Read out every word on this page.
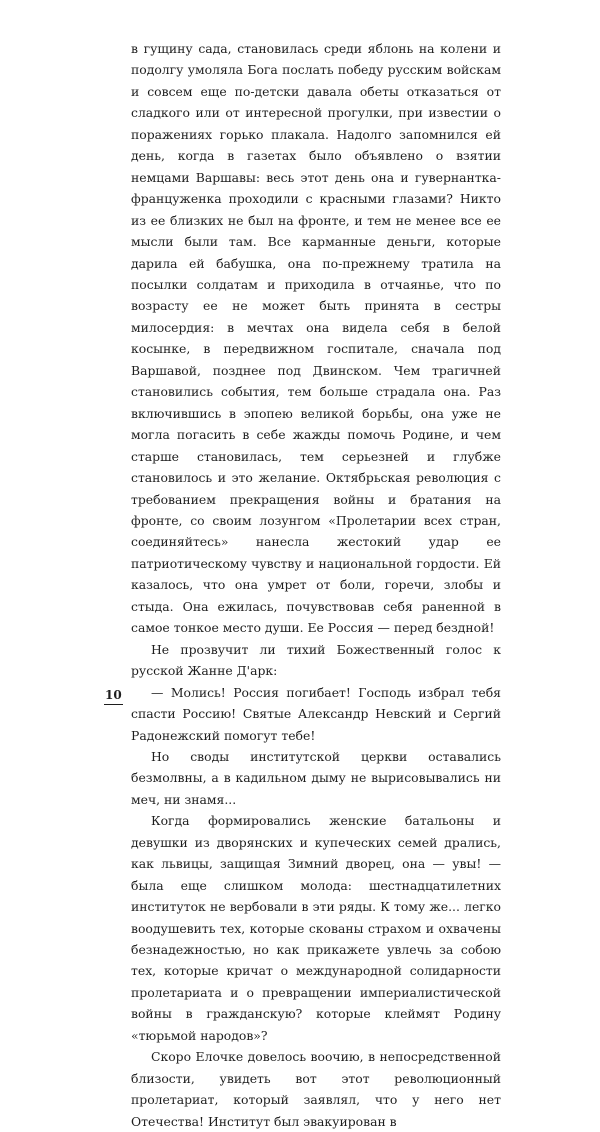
в гущину сада, становилась среди яблонь на колени и подолгу умоляла Бога послать победу русским войскам и совсем еще по-детски давала обеты отказаться от сладкого или от интересной прогулки, при известии о поражениях горько плакала. Надолго запомнился ей день, когда в газетах было объявлено о взятии немцами Варшавы: весь этот день она и гувернантка-француженка проходили с красными глазами? Никто из ее близких не был на фронте, и тем не менее все ее мысли были там. Все карманные деньги, которые дарила ей бабушка, она по-прежнему тратила на посылки солдатам и приходила в отчаянье, что по возрасту ее не может быть принята в сестры милосердия: в мечтах она видела себя в белой косынке, в передвижном госпитале, сначала под Варшавой, позднее под Двинском. Чем трагичней становились события, тем больше страдала она. Раз включившись в эпопею великой борьбы, она уже не могла погасить в себе жажды помочь Родине, и чем старше становилась, тем серьезней и глубже становилось и это желание. Октябрьская революция с требованием прекращения войны и братания на фронте, со своим лозунгом «Пролетарии всех стран, соединяйтесь» нанесла жестокий удар ее патриотическому чувству и национальной гордости. Ей казалось, что она умрет от боли, горечи, злобы и стыда. Она ежилась, почувствовав себя раненной в самое тонкое место души. Ее Россия — перед бездной!

Не прозвучит ли тихий Божественный голос к русской Жанне Д'арк:

— Молись! Россия погибает! Господь избрал тебя спасти Россию! Святые Александр Невский и Сергий Радонежский помогут тебе!

Но своды институтской церкви оставались безмолвны, а в кадильном дыму не вырисовывались ни меч, ни знамя...

Когда формировались женские батальоны и девушки из дворянских и купеческих семей дрались, как львицы, защищая Зимний дворец, она — увы! — была еще слишком молода: шестнадцатилетних институток не вербовали в эти ряды. К тому же... легко воодушевить тех, которые скованы страхом и охвачены безнадежностью, но как прикажете увлечь за собою тех, которые кричат о международной солидарности пролетариата и о превращении империалистической войны в гражданскую? которые клеймят Родину «тюрьмой народов»?

Скоро Елочке довелось воочию, в непосредственной близости, увидеть вот этот революционный пролетариат, который заявлял, что у него нет Отечества! Институт был эвакуирован в

10
